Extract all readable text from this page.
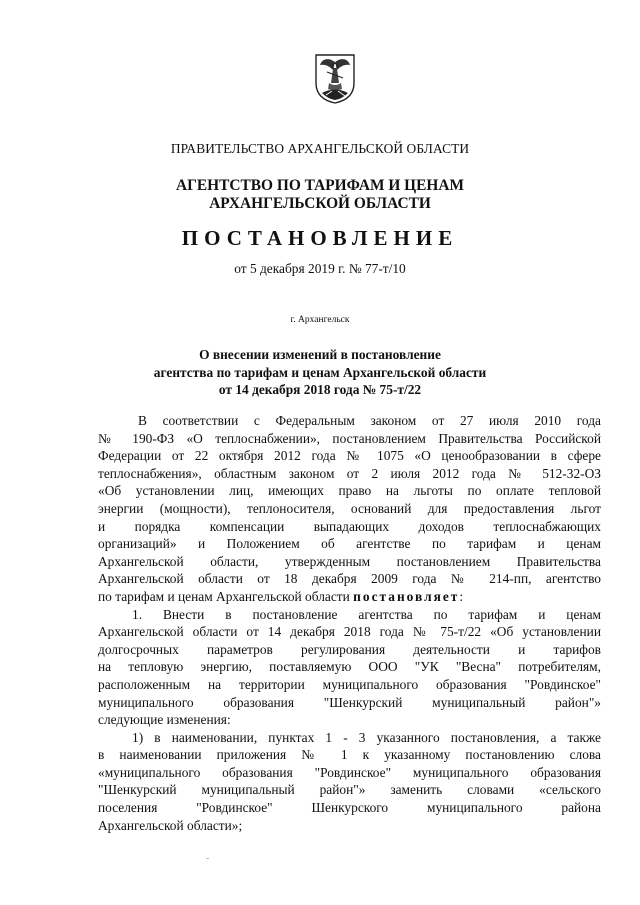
ПРАВИТЕЛЬСТВО АРХАНГЕЛЬСКОЙ ОБЛАСТИ
АГЕНТСТВО ПО ТАРИФАМ И ЦЕНАМ
АРХАНГЕЛЬСКОЙ ОБЛАСТИ
ПОСТАНОВЛЕНИЕ
от 5 декабря 2019 г. № 77-т/10
г. Архангельск
О внесении изменений в постановление
агентства по тарифам и ценам Архангельской области
от 14 декабря 2018 года № 75-т/22
В соответствии с Федеральным законом от 27 июля 2010 года
№ 190-ФЗ «О теплоснабжении», постановлением Правительства Российской
Федерации от 22 октября 2012 года № 1075 «О ценообразовании в сфере
теплоснабжения», областным законом от 2 июля 2012 года № 512-32-ОЗ
«Об установлении лиц, имеющих право на льготы по оплате тепловой
энергии (мощности), теплоносителя, оснований для предоставления льгот
и порядка компенсации выпадающих доходов теплоснабжающих
организаций» и Положением об агентстве по тарифам и ценам
Архангельской области, утвержденным постановлением Правительства
Архангельской области от 18 декабря 2009 года № 214-пп, агентство
по тарифам и ценам Архангельской области постановляет:
1. Внести в постановление агентства по тарифам и ценам
Архангельской области от 14 декабря 2018 года № 75-т/22 «Об установлении
долгосрочных параметров регулирования деятельности и тарифов
на тепловую энергию, поставляемую ООО "УК "Весна" потребителям,
расположенным на территории муниципального образования "Ровдинское"
муниципального образования "Шенкурский муниципальный район"»
следующие изменения:
1) в наименовании, пунктах 1 - 3 указанного постановления, а также
в наименовании приложения № 1 к указанному постановлению слова
«муниципального образования "Ровдинское" муниципального образования
"Шенкурский муниципальный район"» заменить словами «сельского
поселения "Ровдинское" Шенкурского муниципального района
Архангельской области»;
